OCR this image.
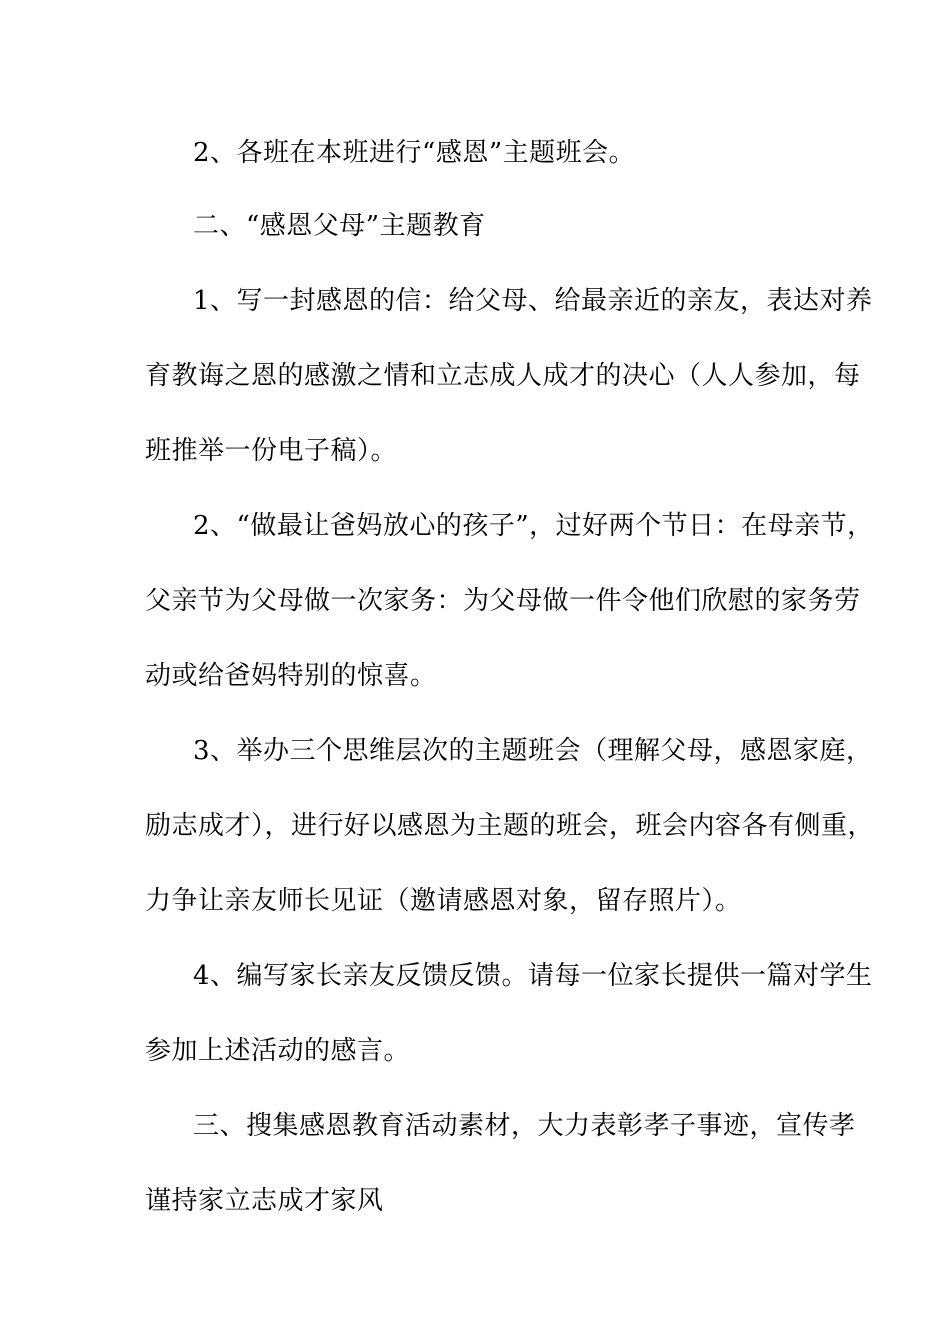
2、各班在本班进行“感恩”主题班会。
二、“感恩父母”主题教育
1、写一封感恩的信：给父母、给最亲近的亲友，表达对养
育教诲之恩的感激之情和立志成人成才的决心（人人参加，每
班推举一份电子稿）。
2、“做最让爸妈放心的孩子”，过好两个节日：在母亲节，
父亲节为父母做一次家务：为父母做一件令他们欣慰的家务劳
动或给爸妈特别的惊喜。
3、举办三个思维层次的主题班会（理解父母，感恩家庭，
励志成才），进行好以感恩为主题的班会，班会内容各有侧重，
力争让亲友师长见证（邀请感恩对象，留存照片）。
4、编写家长亲友反馈反馈。请每一位家长提供一篇对学生
参加上述活动的感言。
三、搜集感恩教育活动素材，大力表彰孝子事迹，宣传孝
谨持家立志成才家风
